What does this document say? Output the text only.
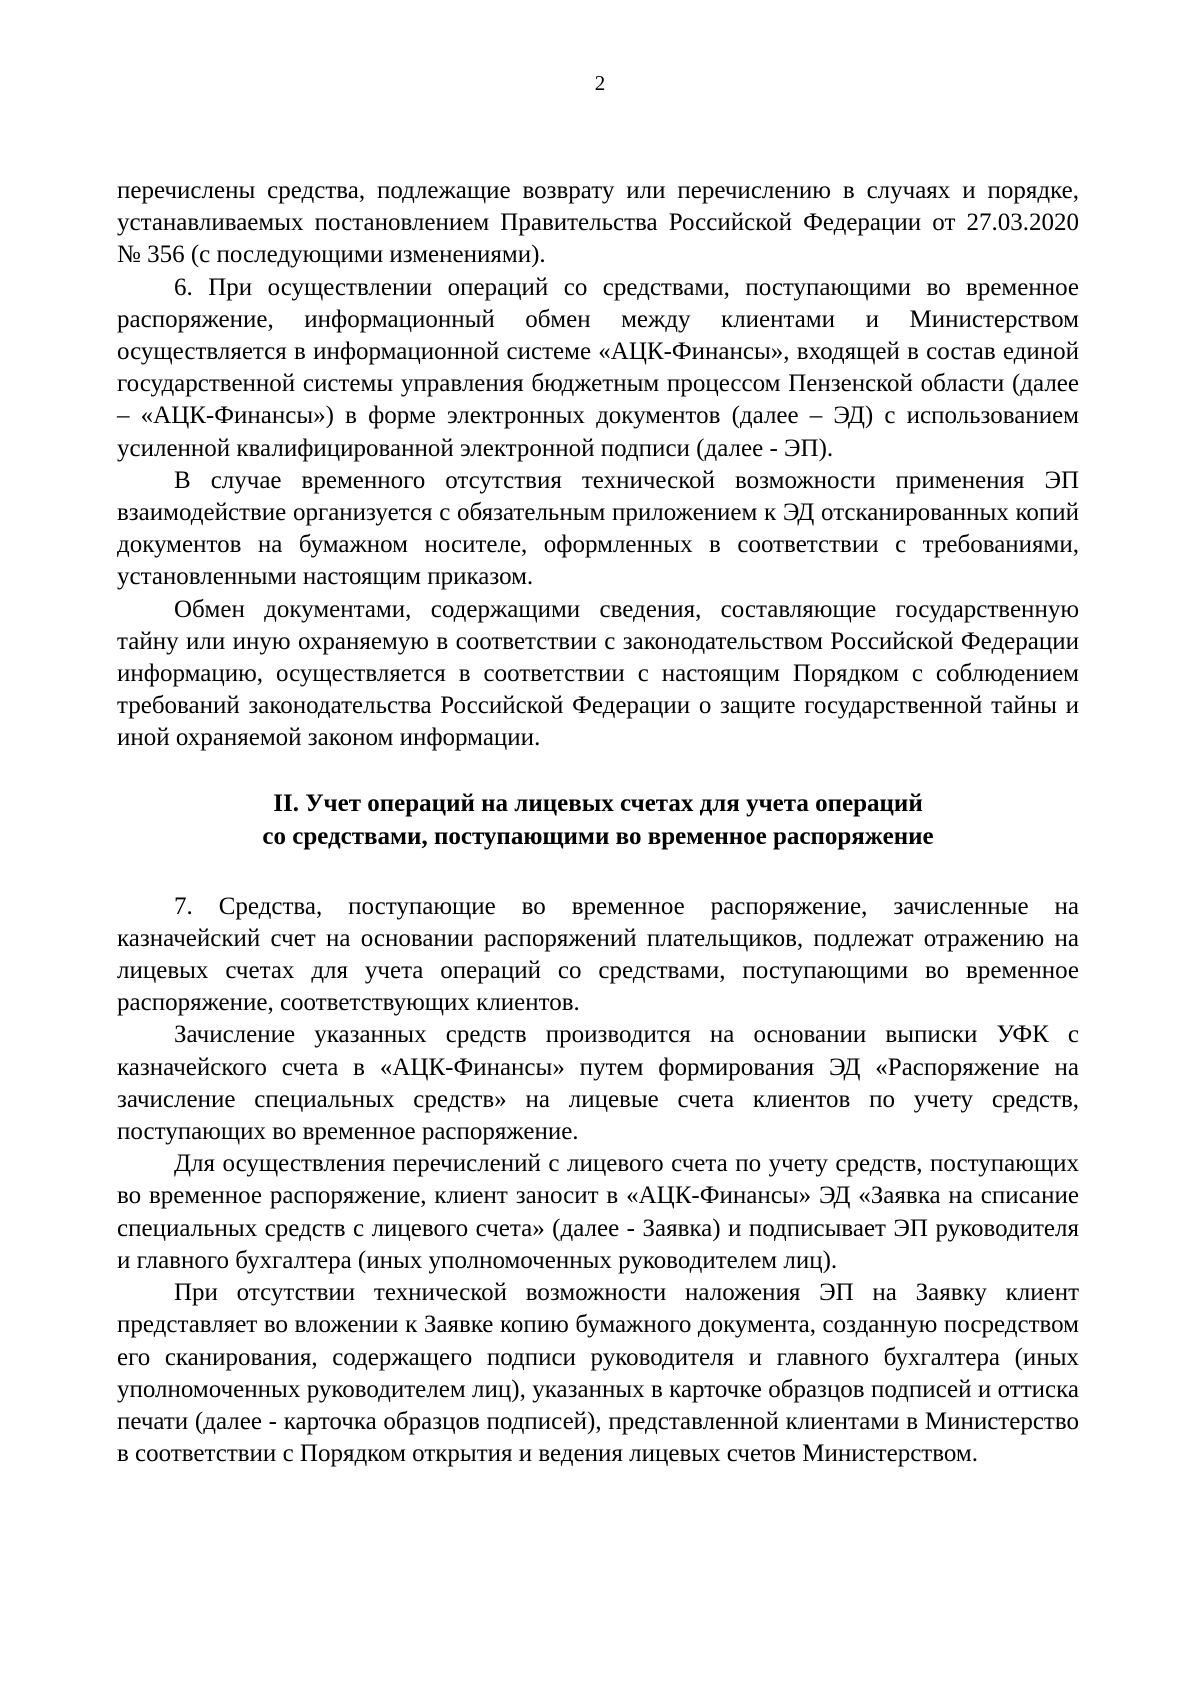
2

перечислены средства, подлежащие возврату или перечислению в случаях и порядке, устанавливаемых постановлением Правительства Российской Федерации от 27.03.2020 № 356 (с последующими изменениями).

6. При осуществлении операций со средствами, поступающими во временное распоряжение, информационный обмен между клиентами и Министерством осуществляется в информационной системе «АЦК-Финансы», входящей в состав единой государственной системы управления бюджетным процессом Пензенской области (далее – «АЦК-Финансы») в форме электронных документов (далее – ЭД) с использованием усиленной квалифицированной электронной подписи (далее - ЭП).

В случае временного отсутствия технической возможности применения ЭП взаимодействие организуется с обязательным приложением к ЭД отсканированных копий документов на бумажном носителе, оформленных в соответствии с требованиями, установленными настоящим приказом.

Обмен документами, содержащими сведения, составляющие государственную тайну или иную охраняемую в соответствии с законодательством Российской Федерации информацию, осуществляется в соответствии с настоящим Порядком с соблюдением требований законодательства Российской Федерации о защите государственной тайны и иной охраняемой законом информации.

II. Учет операций на лицевых счетах для учета операций
со средствами, поступающими во временное распоряжение

7. Средства, поступающие во временное распоряжение, зачисленные на казначейский счет на основании распоряжений плательщиков, подлежат отражению на лицевых счетах для учета операций со средствами, поступающими во временное распоряжение, соответствующих клиентов.

Зачисление указанных средств производится на основании выписки УФК с казначейского счета в «АЦК-Финансы» путем формирования ЭД «Распоряжение на зачисление специальных средств» на лицевые счета клиентов по учету средств, поступающих во временное распоряжение.

Для осуществления перечислений с лицевого счета по учету средств, поступающих во временное распоряжение, клиент заносит в «АЦК-Финансы» ЭД «Заявка на списание специальных средств с лицевого счета» (далее - Заявка) и подписывает ЭП руководителя и главного бухгалтера (иных уполномоченных руководителем лиц).

При отсутствии технической возможности наложения ЭП на Заявку клиент представляет во вложении к Заявке копию бумажного документа, созданную посредством его сканирования, содержащего подписи руководителя и главного бухгалтера (иных уполномоченных руководителем лиц), указанных в карточке образцов подписей и оттиска печати (далее - карточка образцов подписей), представленной клиентами в Министерство в соответствии с Порядком открытия и ведения лицевых счетов Министерством.
